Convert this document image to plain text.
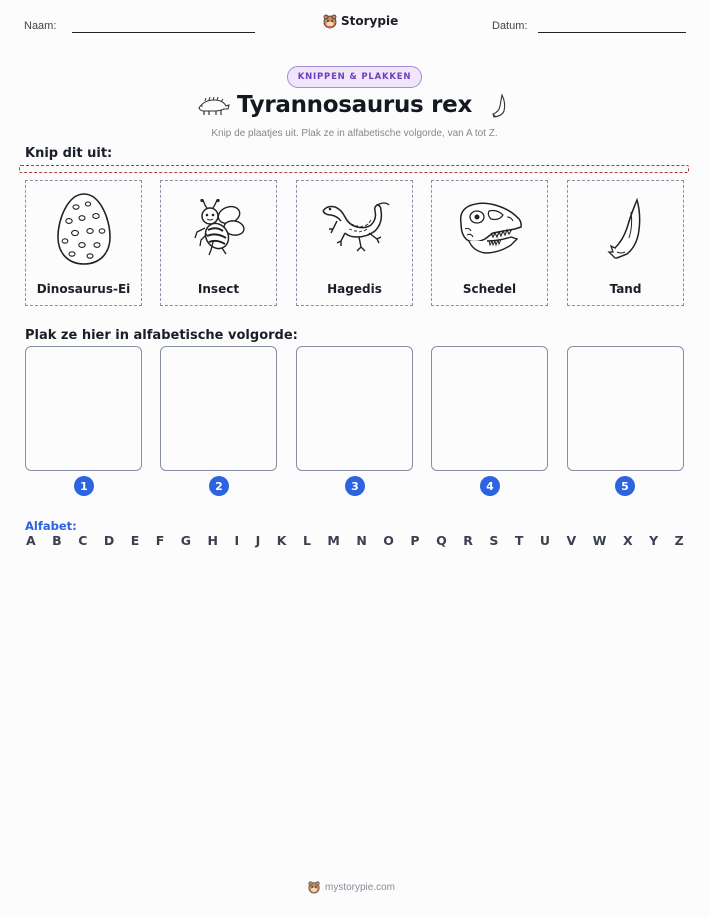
Naam:	Storypie	Datum:
KNIPPEN & PLAKKEN
Tyrannosaurus rex
Knip de plaatjes uit. Plak ze in alfabetische volgorde, van A tot Z.
Knip dit uit:
Dinosaurus-Ei	Insect	Hagedis	Schedel	Tand
Plak ze hier in alfabetische volgorde:
1	2	3	4	5
Alfabet:
A B C D E F G H I J K L M N O P Q R S T U V W X Y Z
mystorypie.com
